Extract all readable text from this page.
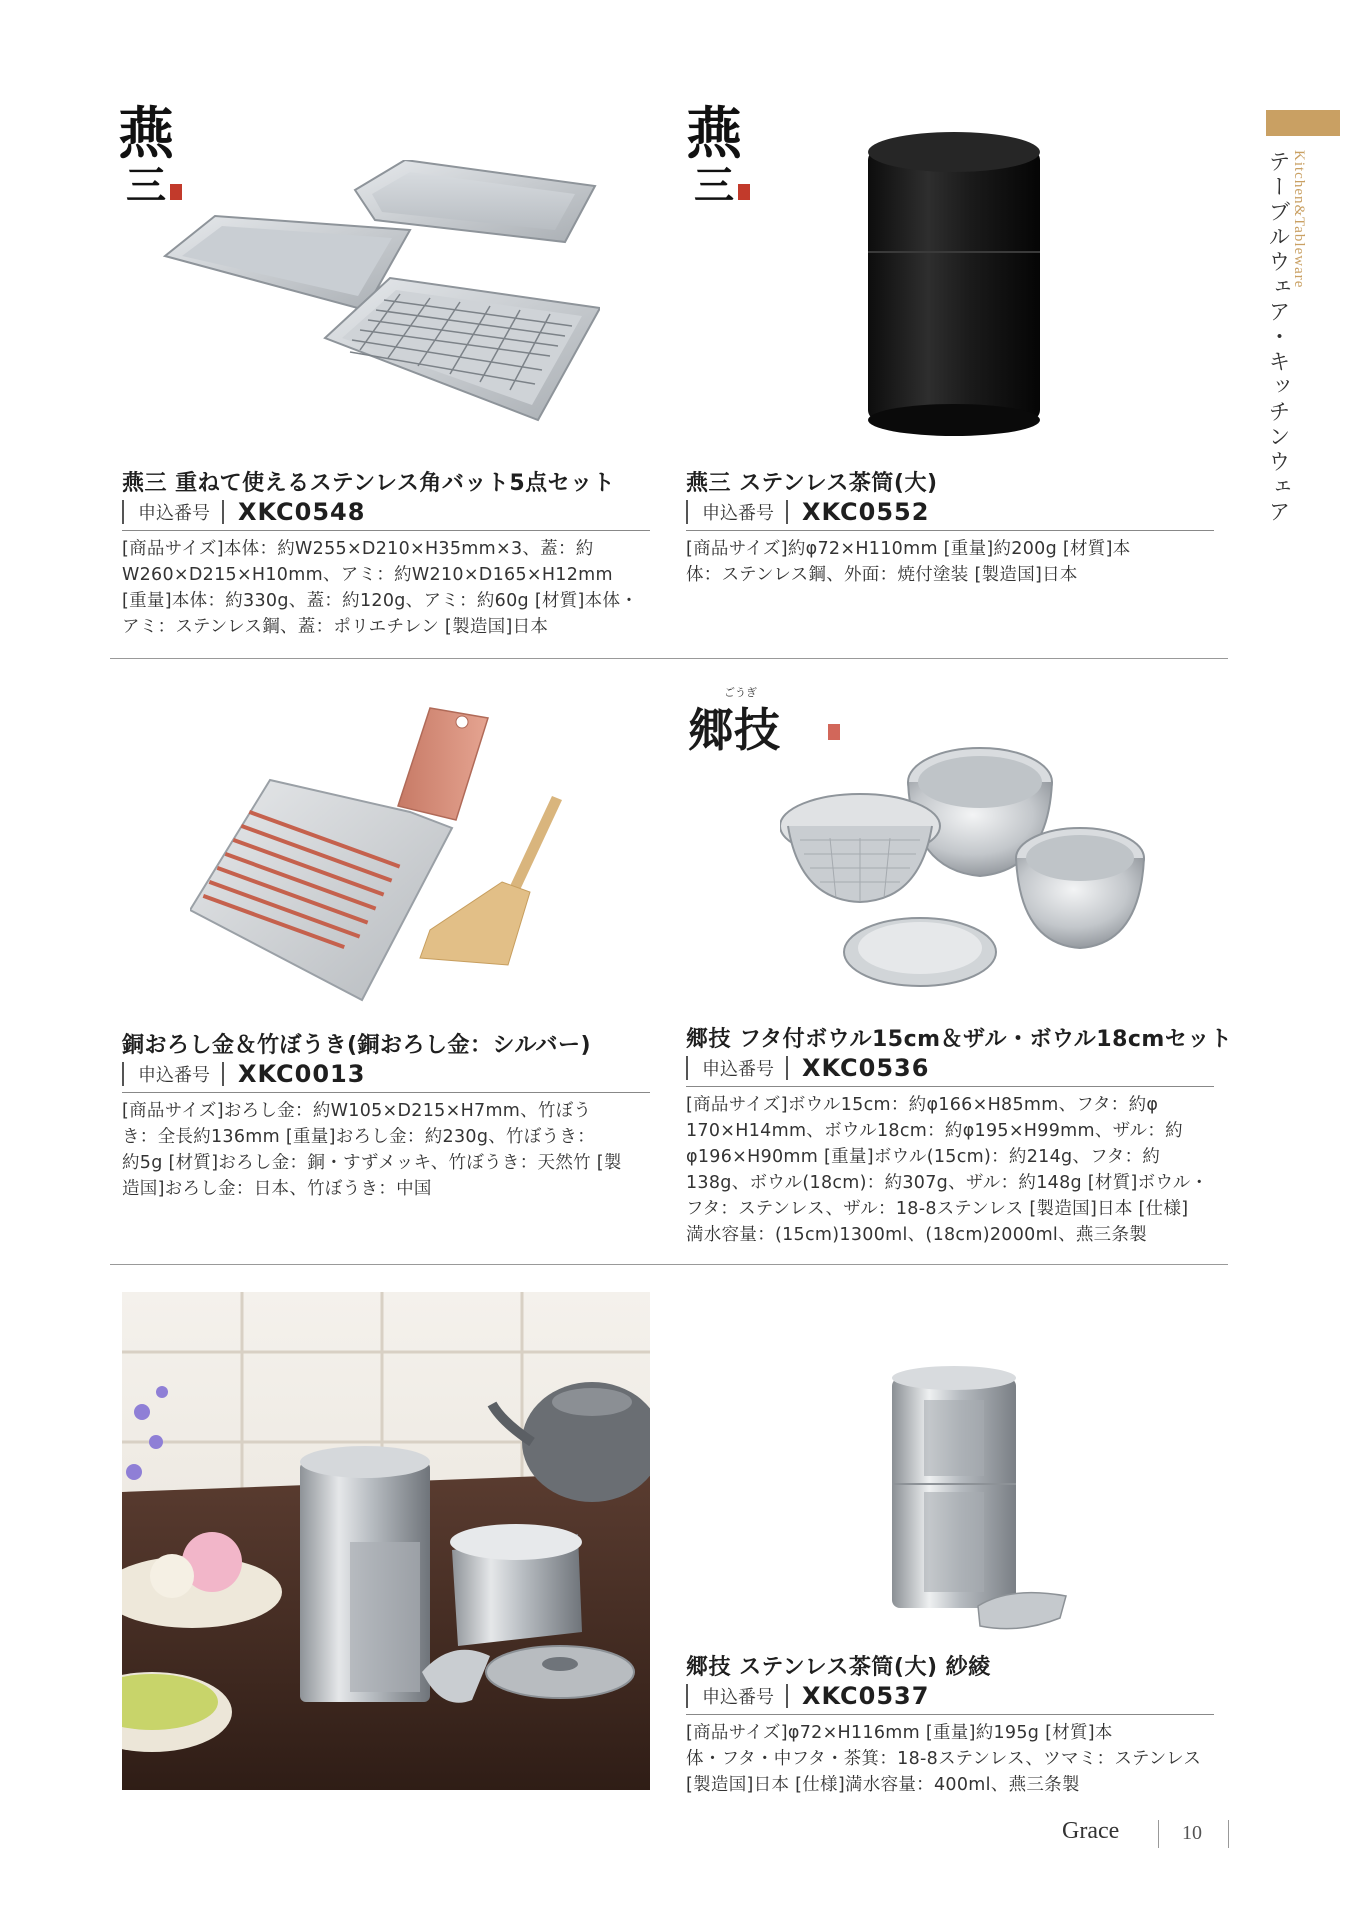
Kitchen&Tableware
テーブルウェア・キッチンウェア
燕
三
燕三 重ねて使えるステンレス角バット5点セット
申込番号 XKC0548
[商品サイズ]本体：約W255×D210×H35mm×3、蓋：約
W260×D215×H10mm、アミ：約W210×D165×H12mm
[重量]本体：約330g、蓋：約120g、アミ：約60g [材質]本体・
アミ：ステンレス鋼、蓋：ポリエチレン [製造国]日本
燕
三
燕三 ステンレス茶筒(大)
申込番号 XKC0552
[商品サイズ]約φ72×H110mm [重量]約200g [材質]本
体：ステンレス鋼、外面：焼付塗装 [製造国]日本
銅おろし金＆竹ぼうき(銅おろし金：シルバー)
申込番号 XKC0013
[商品サイズ]おろし金：約W105×D215×H7mm、竹ぼう
き：全長約136mm [重量]おろし金：約230g、竹ぼうき：
約5g [材質]おろし金：銅・すずメッキ、竹ぼうき：天然竹 [製
造国]おろし金：日本、竹ぼうき：中国
ごうぎ
郷技
郷技 フタ付ボウル15cm＆ザル・ボウル18cmセット
申込番号 XKC0536
[商品サイズ]ボウル15cm：約φ166×H85mm、フタ：約φ
170×H14mm、ボウル18cm：約φ195×H99mm、ザル：約
φ196×H90mm [重量]ボウル(15cm)：約214g、フタ：約
138g、ボウル(18cm)：約307g、ザル：約148g [材質]ボウル・
フタ：ステンレス、ザル：18-8ステンレス [製造国]日本 [仕様]
満水容量：(15cm)1300ml、(18cm)2000ml、燕三条製
郷技 ステンレス茶筒(大) 紗綾
申込番号 XKC0537
[商品サイズ]φ72×H116mm [重量]約195g [材質]本
体・フタ・中フタ・茶箕：18-8ステンレス、ツマミ：ステンレス
[製造国]日本 [仕様]満水容量：400ml、燕三条製
Grace	10
